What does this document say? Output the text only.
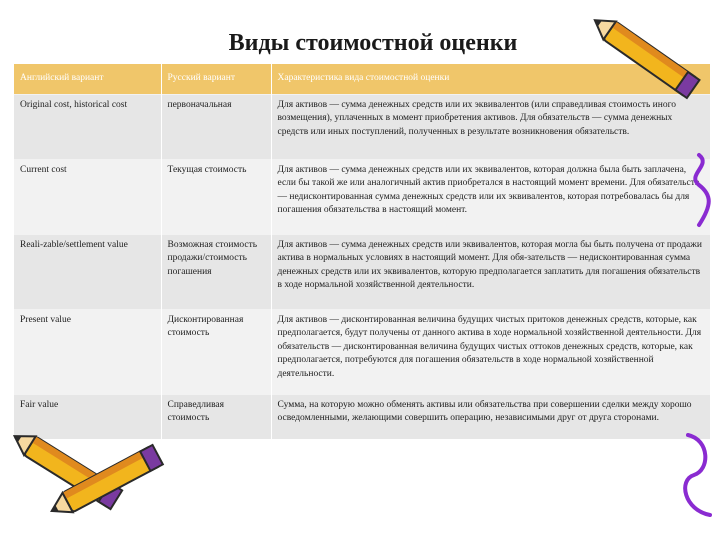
Виды стоимостной оценки
Английский вариант	Русский вариант	Характеристика вида стоимостной оценки
Original cost, historical cost	первоначальная	Для активов — сумма денежных средств или их эквивалентов (или справедливая стоимость иного возмещения), уплаченных в момент приобретения активов. Для обязательств — сумма денежных средств или иных поступлений, полученных в результате возникновения обязательств.
Current cost	Текущая стоимость	Для активов — сумма денежных средств или их эквивалентов, которая должна была быть заплачена, если бы такой же или аналогичный актив приобретался в настоящий момент времени. Для обязательств — недисконтированная сумма денежных средств или их эквивалентов, которая потребовалась бы для погашения обязательства в настоящий момент.
Reali-zable/settlement value	Возможная стоимость продажи/стоимость погашения	Для активов — сумма денежных средств или эквивалентов, которая могла бы быть получена от продажи актива в нормальных условиях в настоящий момент. Для обя-зательств — недисконтированная сумма денежных средств или их эквивалентов, которую предполагается заплатить для погашения обязательств в ходе нормальной хозяйственной деятельности.
Present value	Дисконтированная стоимость	Для активов — дисконтированная величина будущих чистых притоков денежных средств, которые, как предполагается, будут получены от данного актива в ходе нормальной хозяйственной деятельности. Для обязательств — дисконтированная величина будущих чистых оттоков денежных средств, которые, как предполагается, потребуются для погашения обязательств в ходе нормальной хозяйственной деятельности.
Fair value	Справедливая стоимость	Сумма, на которую можно обменять активы или обязательства при совершении сделки между хорошо осведомленными, желающими совершить операцию, независимыми друг от друга сторонами.
